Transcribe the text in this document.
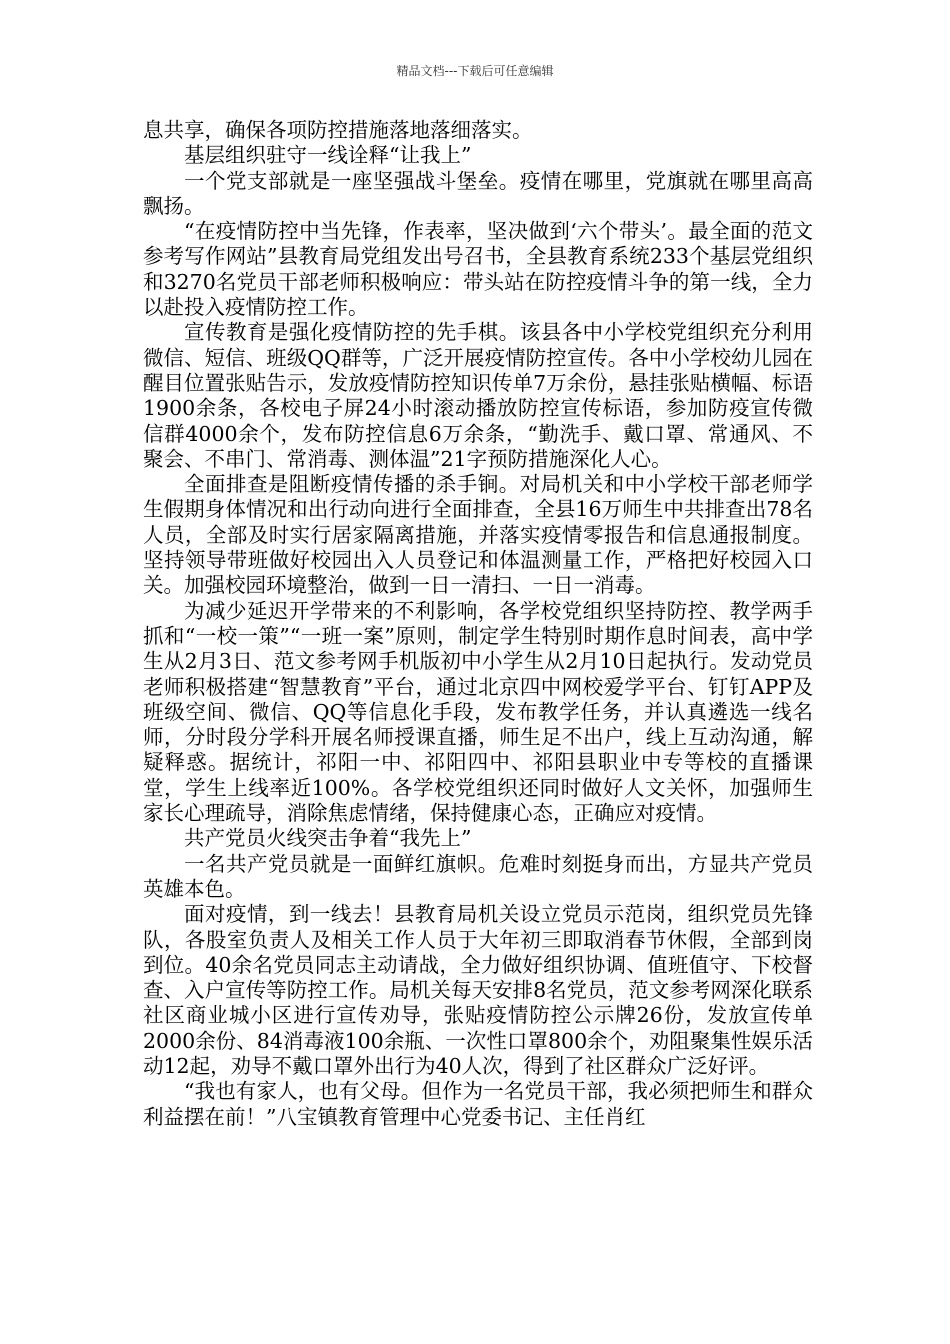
精品文档---下载后可任意编辑

息共享，确保各项防控措施落地落细落实。

基层组织驻守一线诠释“让我上”

一个党支部就是一座坚强战斗堡垒。疫情在哪里，党旗就在哪里高高飘扬。

“在疫情防控中当先锋，作表率，坚决做到‘六个带头’。最全面的范文参考写作网站”县教育局党组发出号召书，全县教育系统233个基层党组织和3270名党员干部老师积极响应：带头站在防控疫情斗争的第一线，全力以赴投入疫情防控工作。

宣传教育是强化疫情防控的先手棋。该县各中小学校党组织充分利用微信、短信、班级QQ群等，广泛开展疫情防控宣传。各中小学校幼儿园在醒目位置张贴告示，发放疫情防控知识传单7万余份，悬挂张贴横幅、标语1900余条，各校电子屏24小时滚动播放防控宣传标语，参加防疫宣传微信群4000余个，发布防控信息6万余条，“勤洗手、戴口罩、常通风、不聚会、不串门、常消毒、测体温”21字预防措施深化人心。

全面排查是阻断疫情传播的杀手锏。对局机关和中小学校干部老师学生假期身体情况和出行动向进行全面排查，全县16万师生中共排查出78名人员，全部及时实行居家隔离措施，并落实疫情零报告和信息通报制度。坚持领导带班做好校园出入人员登记和体温测量工作，严格把好校园入口关。加强校园环境整治，做到一日一清扫、一日一消毒。

为减少延迟开学带来的不利影响，各学校党组织坚持防控、教学两手抓和“一校一策”“一班一案”原则，制定学生特别时期作息时间表，高中学生从2月3日、范文参考网手机版初中小学生从2月10日起执行。发动党员老师积极搭建“智慧教育”平台，通过北京四中网校爱学平台、钉钉APP及班级空间、微信、QQ等信息化手段，发布教学任务，并认真遴选一线名师，分时段分学科开展名师授课直播，师生足不出户，线上互动沟通，解疑释惑。据统计，祁阳一中、祁阳四中、祁阳县职业中专等校的直播课堂，学生上线率近100%。各学校党组织还同时做好人文关怀，加强师生家长心理疏导，消除焦虑情绪，保持健康心态，正确应对疫情。

共产党员火线突击争着“我先上”

一名共产党员就是一面鲜红旗帜。危难时刻挺身而出，方显共产党员英雄本色。

面对疫情，到一线去！县教育局机关设立党员示范岗，组织党员先锋队，各股室负责人及相关工作人员于大年初三即取消春节休假，全部到岗到位。40余名党员同志主动请战，全力做好组织协调、值班值守、下校督查、入户宣传等防控工作。局机关每天安排8名党员，范文参考网深化联系社区商业城小区进行宣传劝导，张贴疫情防控公示牌26份，发放宣传单2000余份、84消毒液100余瓶、一次性口罩800余个，劝阻聚集性娱乐活动12起，劝导不戴口罩外出行为40人次，得到了社区群众广泛好评。

“我也有家人，也有父母。但作为一名党员干部，我必须把师生和群众利益摆在前！”八宝镇教育管理中心党委书记、主任肖红
